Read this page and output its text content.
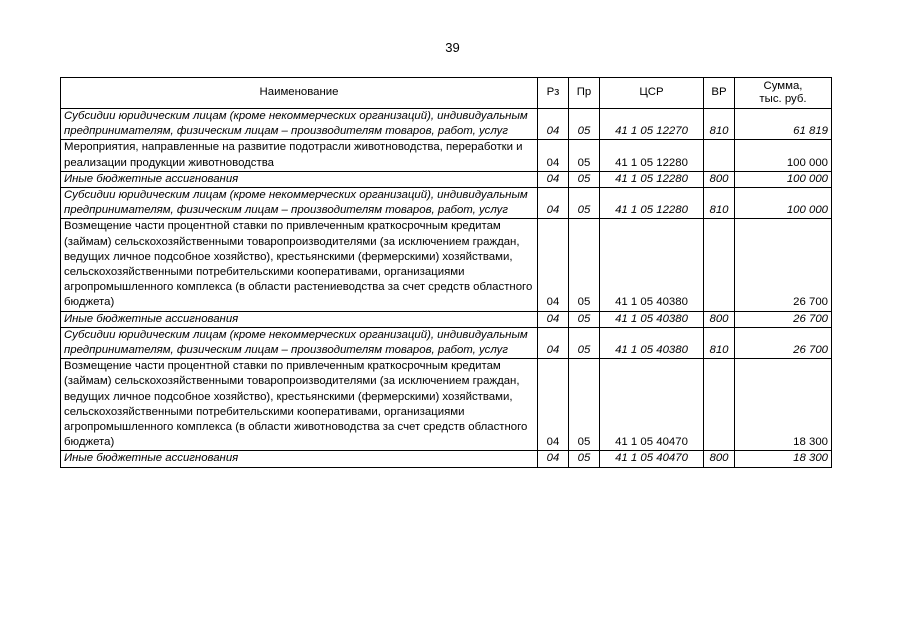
39
Наименование	Рз	Пр	ЦСР	ВР	Сумма,
тыс. руб.
Субсидии юридическим лицам (кроме некоммерческих организаций), индивидуальным предпринимателям, физическим лицам – производителям товаров, работ, услуг	04	05	41 1 05 12270	810	61 819
Мероприятия, направленные на развитие подотрасли животноводства, переработки и реализации продукции животноводства	04	05	41 1 05 12280		100 000
Иные бюджетные ассигнования	04	05	41 1 05 12280	800	100 000
Субсидии юридическим лицам (кроме некоммерческих организаций), индивидуальным предпринимателям, физическим лицам – производителям товаров, работ, услуг	04	05	41 1 05 12280	810	100 000
Возмещение части процентной ставки по привлеченным краткосрочным кредитам (займам) сельскохозяйственными товаропроизводителями (за исключением граждан, ведущих личное подсобное хозяйство), крестьянскими (фермерскими) хозяйствами, сельскохозяйственными потребительскими кооперативами, организациями агропромышленного комплекса (в области растениеводства за счет средств областного бюджета)	04	05	41 1 05 40380		26 700
Иные бюджетные ассигнования	04	05	41 1 05 40380	800	26 700
Субсидии юридическим лицам (кроме некоммерческих организаций), индивидуальным предпринимателям, физическим лицам – производителям товаров, работ, услуг	04	05	41 1 05 40380	810	26 700
Возмещение части процентной ставки по привлеченным краткосрочным кредитам (займам) сельскохозяйственными товаропроизводителями (за исключением граждан, ведущих личное подсобное хозяйство), крестьянскими (фермерскими) хозяйствами, сельскохозяйственными потребительскими кооперативами, организациями агропромышленного комплекса (в области животноводства за счет средств областного бюджета)	04	05	41 1 05 40470		18 300
Иные бюджетные ассигнования	04	05	41 1 05 40470	800	18 300
